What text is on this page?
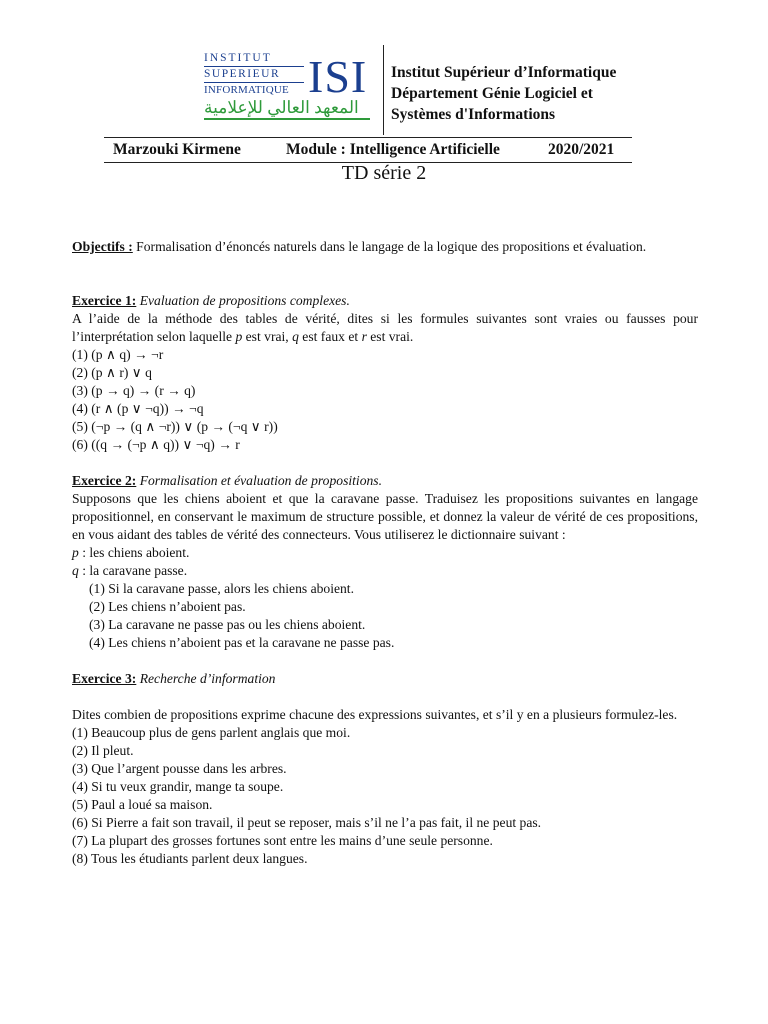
INSTITUT
SUPERIEUR
INFORMATIQUE ISI
المعهد العالي للإعلامية
Institut Supérieur d’Informatique
Département Génie Logiciel et
Systèmes d'Informations
Marzouki Kirmene	Module : Intelligence Artificielle	2020/2021
TD série 2

Objectifs : Formalisation d’énoncés naturels dans le langage de la logique des propositions et évaluation.

Exercice 1: Evaluation de propositions complexes.

A l’aide de la méthode des tables de vérité, dites si les formules suivantes sont vraies ou fausses pour l’interprétation selon laquelle p est vrai, q est faux et r est vrai.

(1) (p ∧ q) → ¬r
(2) (p ∧ r) ∨ q
(3) (p → q) → (r → q)
(4) (r ∧ (p ∨ ¬q)) → ¬q
(5) (¬p → (q ∧ ¬r)) ∨ (p → (¬q ∨ r))
(6) ((q → (¬p ∧ q)) ∨ ¬q) → r

Exercice 2: Formalisation et évaluation de propositions.

Supposons que les chiens aboient et que la caravane passe. Traduisez les propositions suivantes en langage propositionnel, en conservant le maximum de structure possible, et donnez la valeur de vérité de ces propositions, en vous aidant des tables de vérité des connecteurs. Vous utiliserez le dictionnaire suivant :

p : les chiens aboient.
q : la caravane passe.
(1) Si la caravane passe, alors les chiens aboient.
(2) Les chiens n’aboient pas.
(3) La caravane ne passe pas ou les chiens aboient.
(4) Les chiens n’aboient pas et la caravane ne passe pas.

Exercice 3: Recherche d’information

Dites combien de propositions exprime chacune des expressions suivantes, et s’il y en a plusieurs formulez-les.

(1) Beaucoup plus de gens parlent anglais que moi.
(2) Il pleut.
(3) Que l’argent pousse dans les arbres.
(4) Si tu veux grandir, mange ta soupe.
(5) Paul a loué sa maison.
(6) Si Pierre a fait son travail, il peut se reposer, mais s’il ne l’a pas fait, il ne peut pas.
(7) La plupart des grosses fortunes sont entre les mains d’une seule personne.
(8) Tous les étudiants parlent deux langues.
